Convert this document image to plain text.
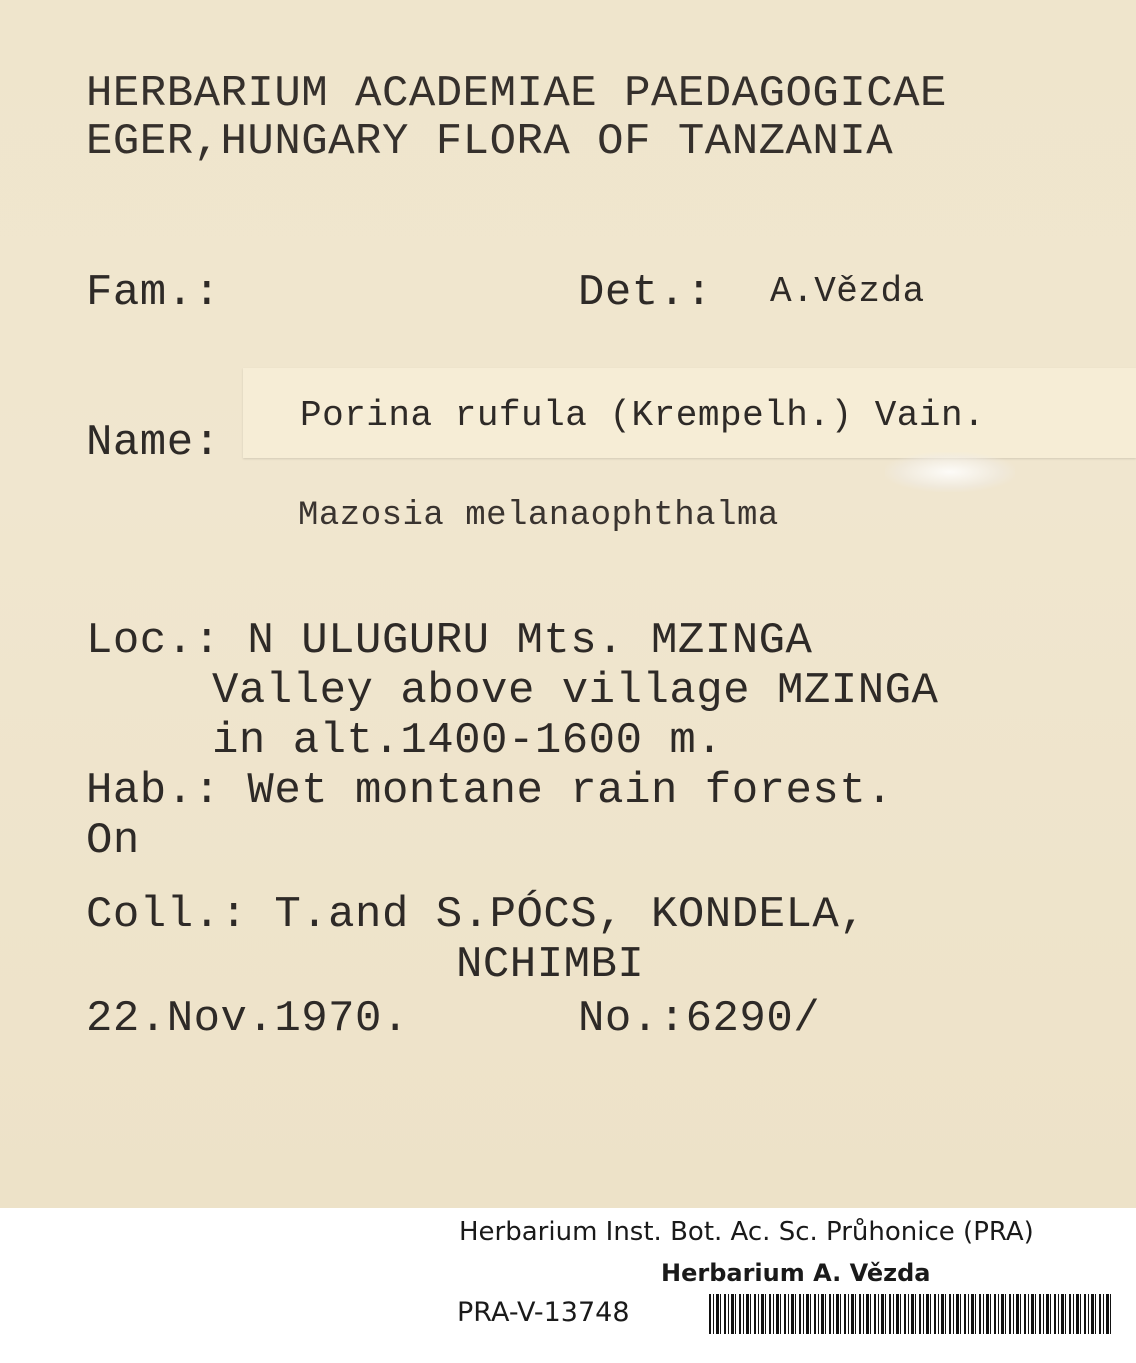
HERBARIUM ACADEMIAE PAEDAGOGICAE

EGER,HUNGARY FLORA OF TANZANIA

Fam.:	Det.: A.Vězda

Name:

Porina rufula (Krempelh.) Vain.

Mazosia melanaophthalma

Loc.: N ULUGURU Mts. MZINGA

Valley above village MZINGA

in alt.1400-1600 m.

Hab.: Wet montane rain forest.

On

Coll.: T.and S.PÓCS, KONDELA,

NCHIMBI

22.Nov.1970.	No.:6290/

Herbarium Inst. Bot. Ac. Sc. Průhonice (PRA)

Herbarium A. Vězda

PRA-V-13748
